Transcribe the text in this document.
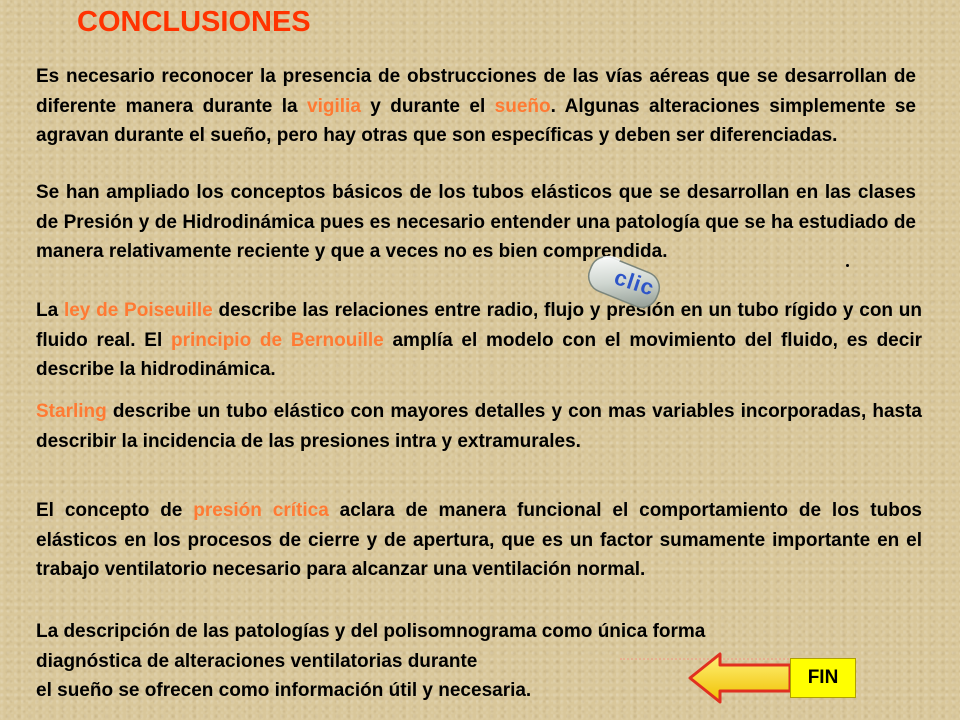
CONCLUSIONES

Es necesario reconocer la presencia de obstrucciones de las vías aéreas que se desarrollan de diferente manera durante la vigilia y durante el sueño. Algunas alteraciones simplemente se agravan durante el sueño, pero hay otras que son específicas y deben ser diferenciadas.

Se han ampliado los conceptos básicos de los tubos elásticos que se desarrollan en las clases de Presión y de Hidrodinámica pues es necesario entender una patología que se ha estudiado de manera relativamente reciente y que a veces no es bien comprendida.

La ley de Poiseuille describe las relaciones entre radio, flujo y presión en un tubo rígido y con un fluido real. El principio de Bernouille amplía el modelo con el movimiento del fluido, es decir describe la hidrodinámica.

Starling describe un tubo elástico con mayores detalles y con mas variables incorporadas, hasta describir la incidencia de las presiones intra y extramurales.

El concepto de presión crítica aclara de manera funcional el comportamiento de los tubos elásticos en los procesos de cierre y de apertura, que es un factor sumamente importante en el trabajo ventilatorio necesario para alcanzar una ventilación normal.

La descripción de las patologías y del polisomnograma como única forma
diagnóstica de alteraciones ventilatorias durante
el sueño se ofrecen como información útil y necesaria.

clic
FIN
